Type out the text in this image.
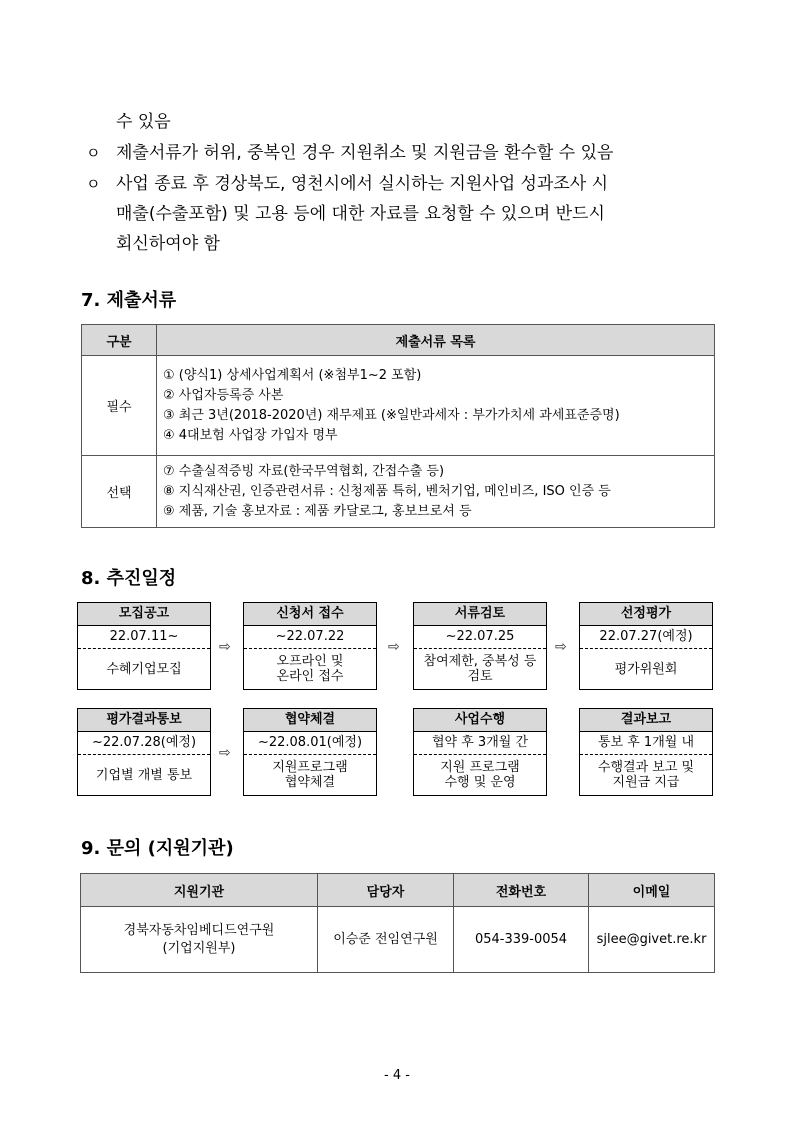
수 있음
ㅇ 제출서류가 허위, 중복인 경우 지원취소 및 지원금을 환수할 수 있음
ㅇ 사업 종료 후 경상북도, 영천시에서 실시하는 지원사업 성과조사 시
매출(수출포함) 및 고용 등에 대한 자료를 요청할 수 있으며 반드시
회신하여야 함
7. 제출서류
구분	제출서류 목록
필수	① (양식1) 상세사업계획서 (※첨부1~2 포함)
② 사업자등록증 사본
③ 최근 3년(2018-2020년) 재무제표 (※일반과세자 : 부가가치세 과세표준증명)
④ 4대보험 사업장 가입자 명부

선택	⑦ 수출실적증빙 자료(한국무역협회, 간접수출 등)
⑧ 지식재산권, 인증관련서류 : 신청제품 특허, 벤처기업, 메인비즈, ISO 인증 등
⑨ 제품, 기술 홍보자료 : 제품 카달로그, 홍보브로셔 등
8. 추진일정
모집공고
22.07.11~
수혜기업모집
⇨
신청서 접수
~22.07.22
오프라인 및
온라인 접수
⇨
서류검토
~22.07.25
참여제한, 중복성 등
검토
⇨
선정평가
22.07.27(예정)
평가위원회
평가결과통보
~22.07.28(예정)
기업별 개별 통보
⇨
협약체결
~22.08.01(예정)
지원프로그램
협약체결
사업수행
협약 후 3개월 간
지원 프로그램
수행 및 운영
결과보고
통보 후 1개월 내
수행결과 보고 및
지원금 지급
9. 문의 (지원기관)
지원기관	담당자	전화번호	이메일

경북자동차임베디드연구원
(기업지원부)	이승준 전임연구원	054-339-0054	sjlee@givet.re.kr
- 4 -
